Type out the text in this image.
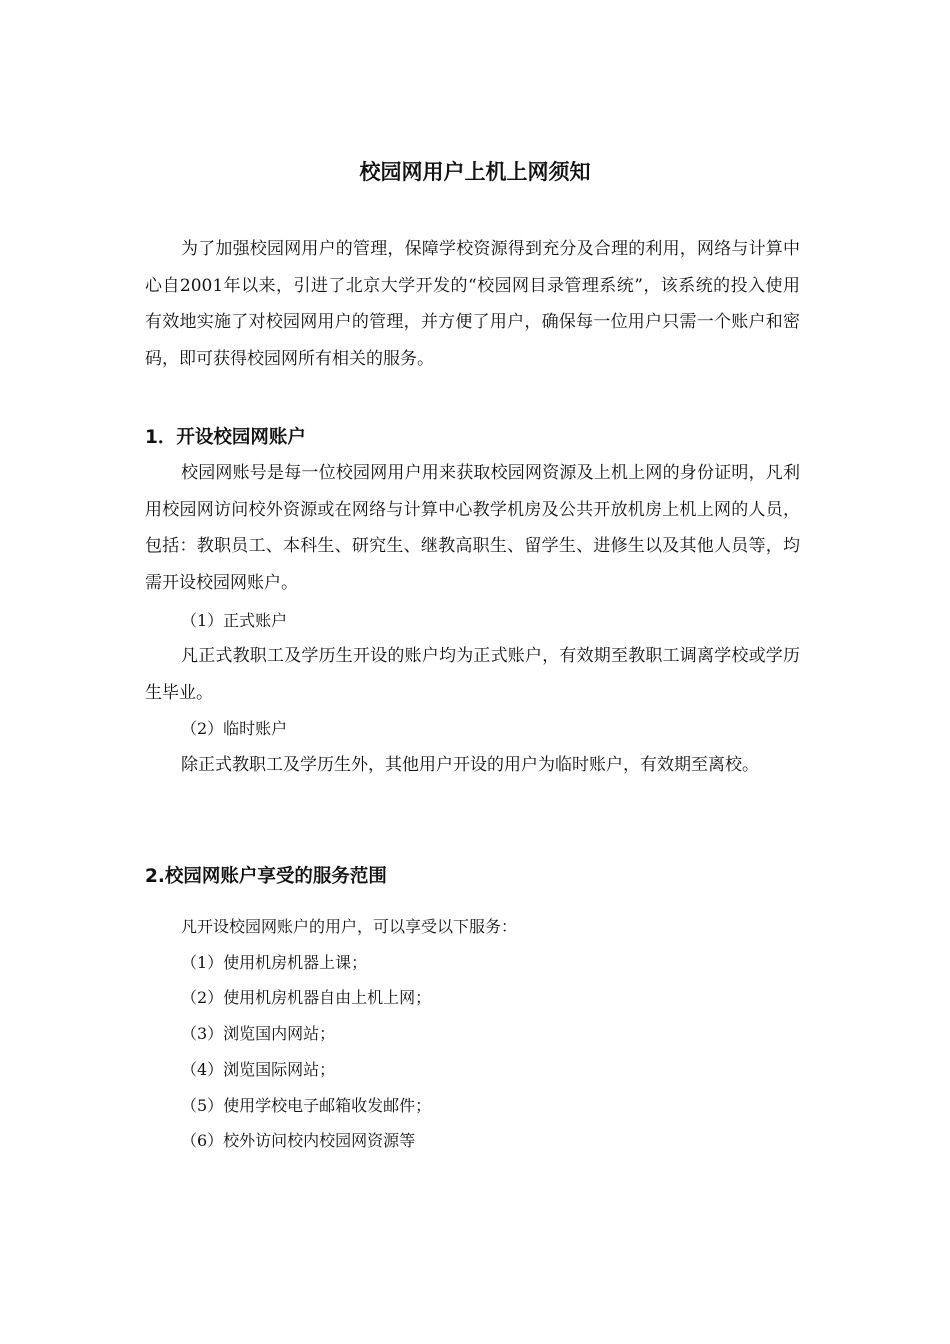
校园网用户上机上网须知

为了加强校园网用户的管理，保障学校资源得到充分及合理的利用，网络与计算中心自2001年以来，引进了北京大学开发的“校园网目录管理系统”，该系统的投入使用有效地实施了对校园网用户的管理，并方便了用户，确保每一位用户只需一个账户和密码，即可获得校园网所有相关的服务。

1．开设校园网账户

校园网账号是每一位校园网用户用来获取校园网资源及上机上网的身份证明，凡利用校园网访问校外资源或在网络与计算中心教学机房及公共开放机房上机上网的人员，包括：教职员工、本科生、研究生、继教高职生、留学生、进修生以及其他人员等，均需开设校园网账户。

（1）正式账户

凡正式教职工及学历生开设的账户均为正式账户，有效期至教职工调离学校或学历生毕业。

（2）临时账户

除正式教职工及学历生外，其他用户开设的用户为临时账户，有效期至离校。

2.校园网账户享受的服务范围
凡开设校园网账户的用户，可以享受以下服务：
（1）使用机房机器上课；
（2）使用机房机器自由上机上网；
（3）浏览国内网站；
（4）浏览国际网站；
（5）使用学校电子邮箱收发邮件；
（6）校外访问校内校园网资源等
